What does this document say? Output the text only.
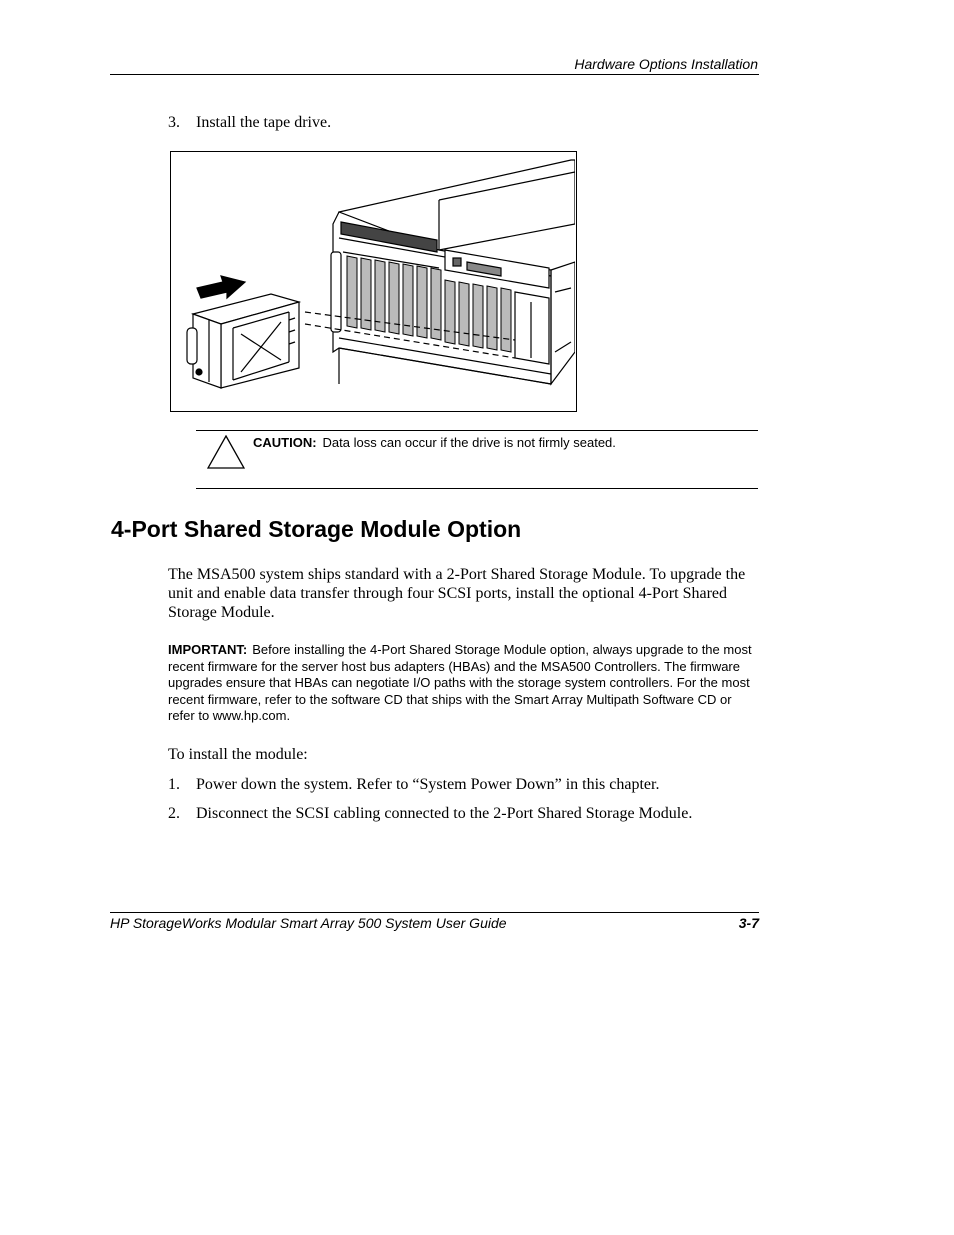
Hardware Options Installation
3. Install the tape drive.
CAUTION: Data loss can occur if the drive is not firmly seated.
4-Port Shared Storage Module Option
The MSA500 system ships standard with a 2-Port Shared Storage Module. To upgrade the unit and enable data transfer through four SCSI ports, install the optional 4-Port Shared Storage Module.
IMPORTANT: Before installing the 4-Port Shared Storage Module option, always upgrade to the most recent firmware for the server host bus adapters (HBAs) and the MSA500 Controllers. The firmware upgrades ensure that HBAs can negotiate I/O paths with the storage system controllers. For the most recent firmware, refer to the software CD that ships with the Smart Array Multipath Software CD or refer to www.hp.com.
To install the module:
1. Power down the system. Refer to “System Power Down” in this chapter.
2. Disconnect the SCSI cabling connected to the 2-Port Shared Storage Module.
HP StorageWorks Modular Smart Array 500 System User Guide	3-7
